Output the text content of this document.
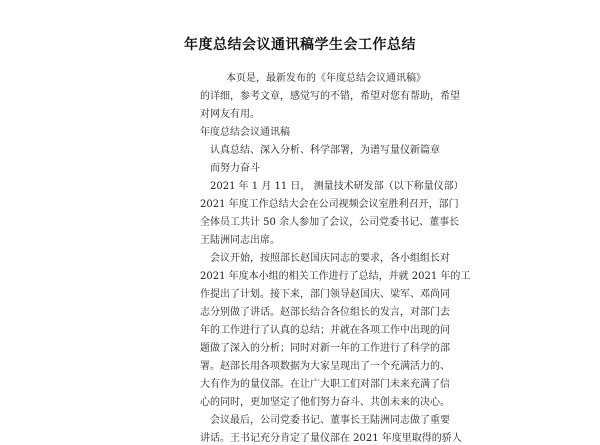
年度总结会议通讯稿学生会工作总结
本页是，最新发布的《年度总结会议通讯稿》
的详细，参考文章，感觉写的不错，希望对您有帮助，希望
对网友有用。
年度总结会议通讯稿
认真总结、深入分析、科学部署，为谱写量仪新篇章
而努力奋斗
2021 年 1 月 11 日， 测量技术研发部（以下称量仪部）
2021 年度工作总结大会在公司视频会议室胜利召开，部门
全体员工共计 50 余人参加了会议，公司党委书记、董事长
王陆洲同志出席。
会议开始，按照部长赵国庆同志的要求，各小组组长对
2021 年度本小组的相关工作进行了总结，并就 2021 年的工
作提出了计划。接下来，部门领导赵国庆、梁军、邓尚同
志分别做了讲话。赵部长结合各位组长的发言，对部门去
年的工作进行了认真的总结；并就在各项工作中出现的问
题做了深入的分析；同时对新一年的工作进行了科学的部
署。赵部长用各项数据为大家呈现出了一个充满活力的、
大有作为的量仪部。在让广大职工们对部门未来充满了信
心的同时，更加坚定了他们努力奋斗、共创未来的决心。
会议最后，公司党委书记、董事长王陆洲同志做了重要
讲话。王书记充分肯定了量仪部在 2021 年度里取得的骄人
